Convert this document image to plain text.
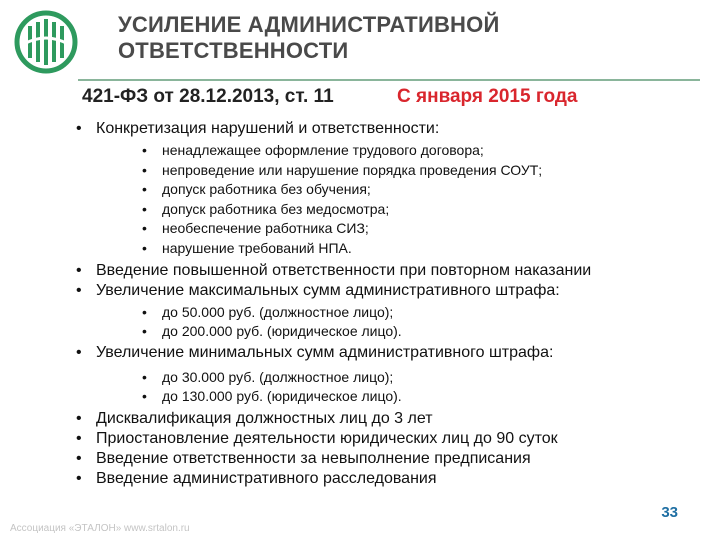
УСИЛЕНИЕ АДМИНИСТРАТИВНОЙ
ОТВЕТСТВЕННОСТИ
421-ФЗ от 28.12.2013, ст. 11	С января 2015 года
• Конкретизация нарушений и ответственности:
• ненадлежащее оформление трудового договора;
• непроведение или нарушение порядка проведения СОУТ;
• допуск работника без обучения;
• допуск работника без медосмотра;
• необеспечение работника СИЗ;
• нарушение требований НПА.
• Введение повышенной ответственности при повторном наказании
• Увеличение максимальных сумм административного штрафа:
• до 50.000 руб. (должностное лицо);
• до 200.000 руб. (юридическое лицо).
• Увеличение минимальных сумм административного штрафа:
• до 30.000 руб. (должностное лицо);
• до 130.000 руб. (юридическое лицо).
• Дисквалификация должностных лиц до 3 лет
• Приостановление деятельности юридических лиц до 90 суток
• Введение ответственности за невыполнение предписания
• Введение административного расследования
33
Ассоциация «ЭТАЛОН» www.srtalon.ru
